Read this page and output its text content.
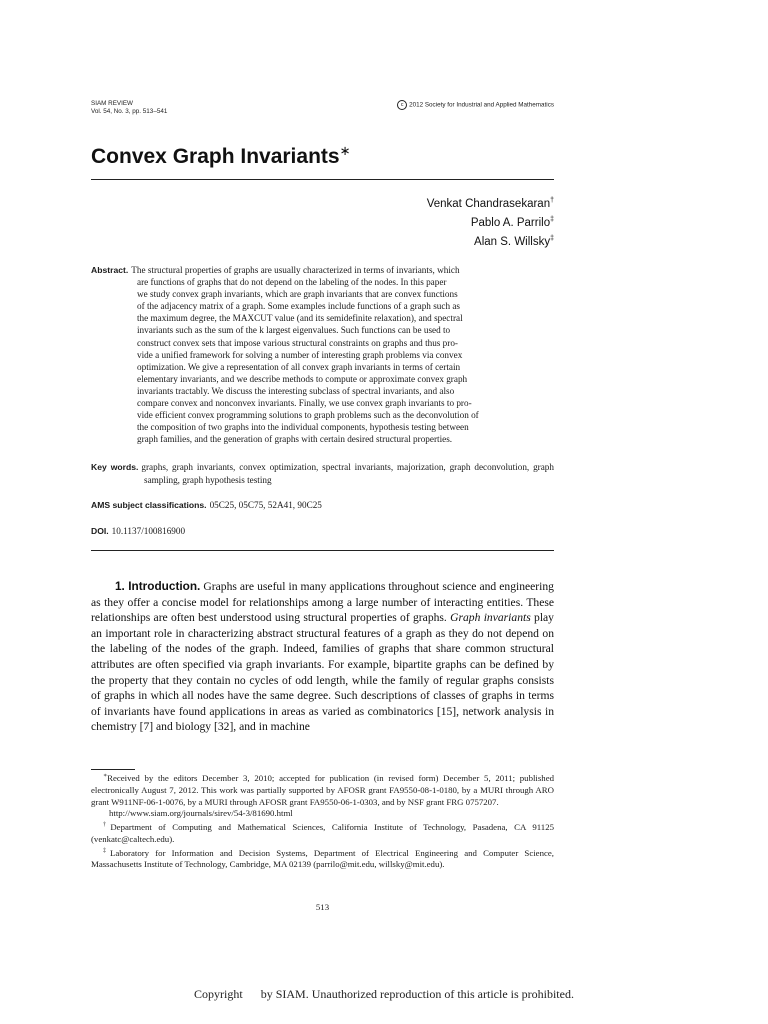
SIAM REVIEW
Vol. 54, No. 3, pp. 513–541
c 2012 Society for Industrial and Applied Mathematics
Convex Graph Invariants∗
Venkat Chandrasekaran†
Pablo A. Parrilo‡
Alan S. Willsky‡

Abstract. The structural properties of graphs are usually characterized in terms of invariants, which
are functions of graphs that do not depend on the labeling of the nodes. In this paper
we study convex graph invariants, which are graph invariants that are convex functions
of the adjacency matrix of a graph. Some examples include functions of a graph such as
the maximum degree, the MAXCUT value (and its semidefinite relaxation), and spectral
invariants such as the sum of the k largest eigenvalues. Such functions can be used to
construct convex sets that impose various structural constraints on graphs and thus pro-
vide a unified framework for solving a number of interesting graph problems via convex
optimization. We give a representation of all convex graph invariants in terms of certain
elementary invariants, and we describe methods to compute or approximate convex graph
invariants tractably. We discuss the interesting subclass of spectral invariants, and also
compare convex and nonconvex invariants. Finally, we use convex graph invariants to pro-
vide efficient convex programming solutions to graph problems such as the deconvolution of
the composition of two graphs into the individual components, hypothesis testing between
graph families, and the generation of graphs with certain desired structural properties.

Key words. graphs, graph invariants, convex optimization, spectral invariants, majorization, graph deconvolution, graph sampling, graph hypothesis testing

AMS subject classifications. 05C25, 05C75, 52A41, 90C25
DOI. 10.1137/100816900

1. Introduction. Graphs are useful in many applications throughout science and engineering as they offer a concise model for relationships among a large number of interacting entities. These relationships are often best understood using structural properties of graphs. Graph invariants play an important role in characterizing abstract structural features of a graph as they do not depend on the labeling of the nodes of the graph. Indeed, families of graphs that share common structural attributes are often specified via graph invariants. For example, bipartite graphs can be defined by the property that they contain no cycles of odd length, while the family of regular graphs consists of graphs in which all nodes have the same degree. Such descriptions of classes of graphs in terms of invariants have found applications in areas as varied as combinatorics [15], network analysis in chemistry [7] and biology [32], and in machine

∗Received by the editors December 3, 2010; accepted for publication (in revised form) December 5, 2011; published electronically August 7, 2012. This work was partially supported by AFOSR grant FA9550-08-1-0180, by a MURI through ARO grant W911NF-06-1-0076, by a MURI through AFOSR grant FA9550-06-1-0303, and by NSF grant FRG 0757207.

http://www.siam.org/journals/sirev/54-3/81690.html

†Department of Computing and Mathematical Sciences, California Institute of Technology, Pasadena, CA 91125 (venkatc@caltech.edu).

‡Laboratory for Information and Decision Systems, Department of Electrical Engineering and Computer Science, Massachusetts Institute of Technology, Cambridge, MA 02139 (parrilo@mit.edu, willsky@mit.edu).

513
Copyright by SIAM. Unauthorized reproduction of this article is prohibited.
